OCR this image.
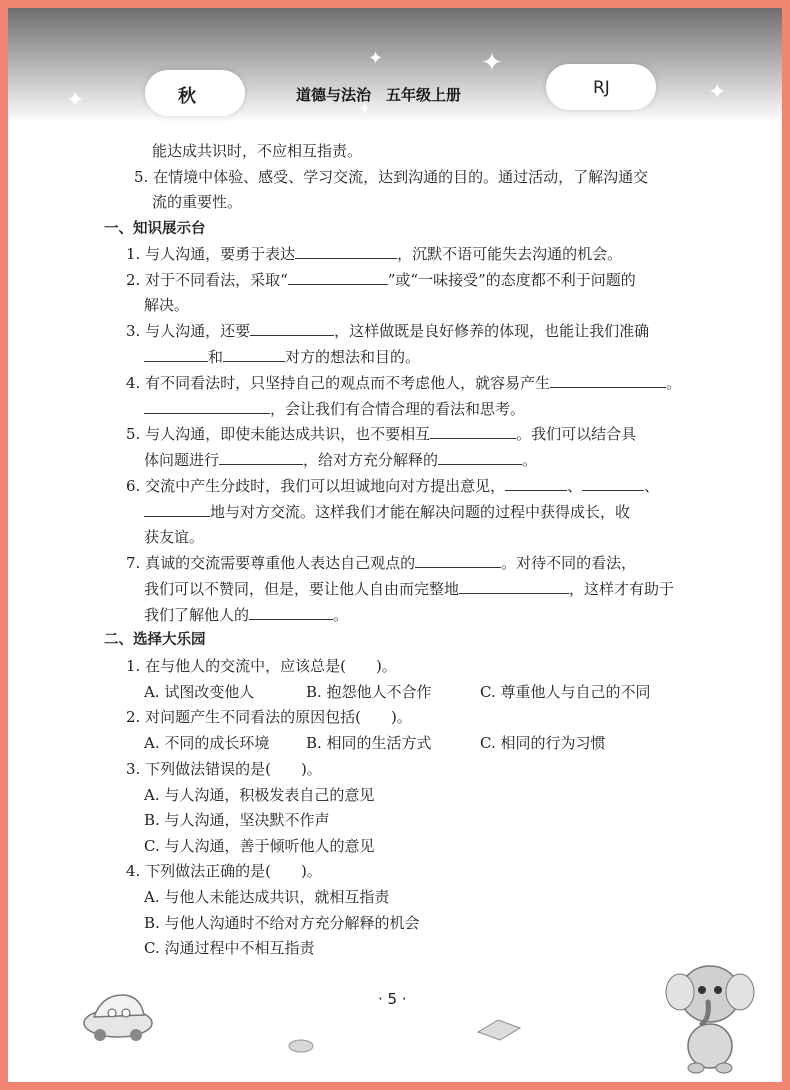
✦
✦	✦
✦
✦
秋	道德与法治　五年级上册	RJ
能达成共识时，不应相互指责。
5. 在情境中体验、感受、学习交流，达到沟通的目的。通过活动，了解沟通交
流的重要性。
一、知识展示台
1. 与人沟通，要勇于表达	，沉默不语可能失去沟通的机会。
2. 对于不同看法，采取“	”或“一味接受”的态度都不利于问题的
解决。
3. 与人沟通，还要	，这样做既是良好修养的体现，也能让我们准确
和	对方的想法和目的。
4. 有不同看法时，只坚持自己的观点而不考虑他人，就容易产生	。
，会让我们有合情合理的看法和思考。
5. 与人沟通，即使未能达成共识，也不要相互	。我们可以结合具
体问题进行	，给对方充分解释的	。
6. 交流中产生分歧时，我们可以坦诚地向对方提出意见，	、	、
地与对方交流。这样我们才能在解决问题的过程中获得成长，收
获友谊。
7. 真诚的交流需要尊重他人表达自己观点的	。对待不同的看法，
我们可以不赞同，但是，要让他人自由而完整地	，这样才有助于
我们了解他人的	。
二、选择大乐园
1. 在与他人的交流中，应该总是( )。
A. 试图改变他人	B. 抱怨他人不合作	C. 尊重他人与自己的不同
2. 对问题产生不同看法的原因包括( )。
A. 不同的成长环境 B. 相同的生活方式	C. 相同的行为习惯
3. 下列做法错误的是( )。
A. 与人沟通，积极发表自己的意见
B. 与人沟通，坚决默不作声
C. 与人沟通，善于倾听他人的意见
4. 下列做法正确的是( )。
A. 与他人未能达成共识，就相互指责
B. 与他人沟通时不给对方充分解释的机会
C. 沟通过程中不相互指责
· 5 ·
